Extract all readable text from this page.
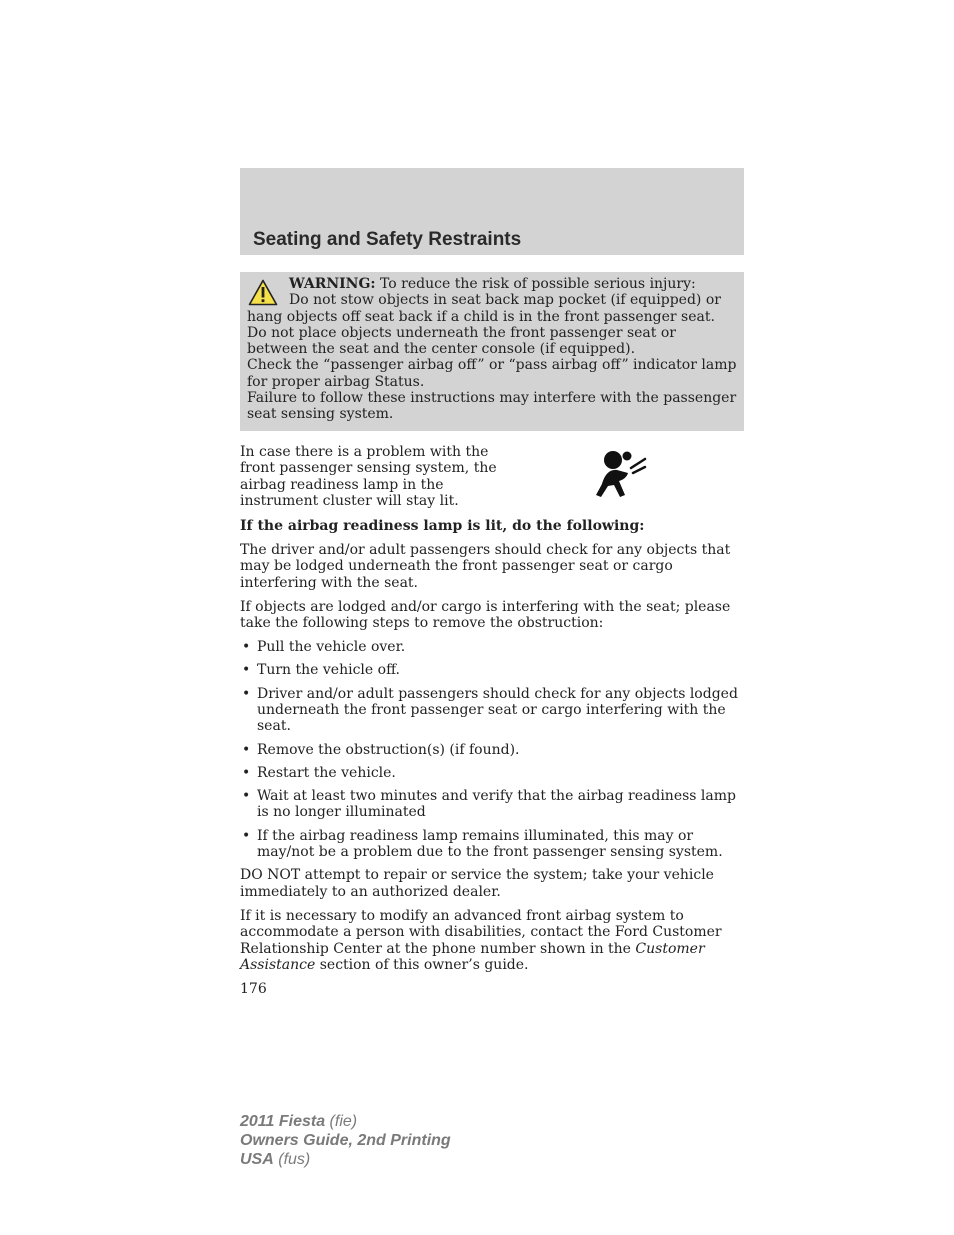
Seating and Safety Restraints

WARNING: To reduce the risk of possible serious injury:

Do not stow objects in seat back map pocket (if equipped) or hang objects off seat back if a child is in the front passenger seat.

Do not place objects underneath the front passenger seat or between the seat and the center console (if equipped).

Check the “passenger airbag off” or “pass airbag off” indicator lamp for proper airbag Status.

Failure to follow these instructions may interfere with the passenger seat sensing system.

In case there is a problem with the front passenger sensing system, the airbag readiness lamp in the instrument cluster will stay lit.

If the airbag readiness lamp is lit, do the following:

The driver and/or adult passengers should check for any objects that may be lodged underneath the front passenger seat or cargo interfering with the seat.

If objects are lodged and/or cargo is interfering with the seat; please take the following steps to remove the obstruction:

• Pull the vehicle over.
• Turn the vehicle off.
• Driver and/or adult passengers should check for any objects lodged underneath the front passenger seat or cargo interfering with the seat.
• Remove the obstruction(s) (if found).
• Restart the vehicle.
• Wait at least two minutes and verify that the airbag readiness lamp is no longer illuminated
• If the airbag readiness lamp remains illuminated, this may or may/not be a problem due to the front passenger sensing system.

DO NOT attempt to repair or service the system; take your vehicle immediately to an authorized dealer.

If it is necessary to modify an advanced front airbag system to accommodate a person with disabilities, contact the Ford Customer Relationship Center at the phone number shown in the Customer Assistance section of this owner’s guide.

176

2011 Fiesta (fie)
Owners Guide, 2nd Printing
USA (fus)
